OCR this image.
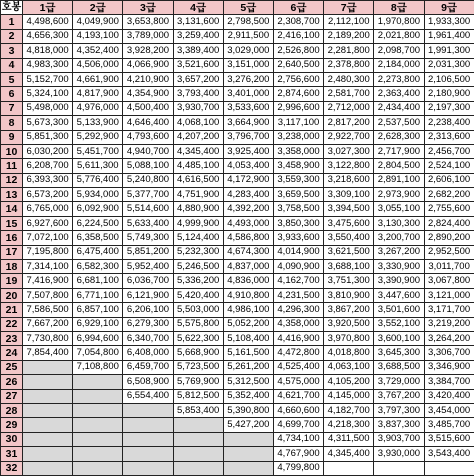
호봉	1급	2급	3급	4급	5급	6급	7급	8급	9급
1	4,498,600	4,049,900	3,653,800	3,131,600	2,798,500	2,308,700	2,112,100	1,970,800	1,933,300
2	4,656,300	4,193,100	3,789,000	3,259,400	2,911,500	2,416,100	2,189,200	2,021,800	1,961,400
3	4,818,000	4,352,400	3,928,200	3,389,400	3,029,000	2,526,800	2,281,800	2,098,700	1,991,300
4	4,983,300	4,506,000	4,066,900	3,521,600	3,151,000	2,640,500	2,378,800	2,184,000	2,031,300
5	5,152,700	4,661,900	4,210,900	3,657,200	3,276,200	2,756,600	2,480,300	2,273,800	2,106,500
6	5,324,100	4,817,900	4,354,900	3,793,400	3,401,000	2,874,600	2,581,700	2,363,400	2,180,900
7	5,498,000	4,976,000	4,500,400	3,930,700	3,533,600	2,996,600	2,712,000	2,434,400	2,197,300
8	5,673,300	5,133,900	4,646,400	4,068,100	3,664,900	3,117,100	2,817,200	2,537,500	2,238,400
9	5,851,300	5,292,900	4,793,600	4,207,200	3,796,700	3,238,000	2,922,700	2,628,300	2,313,600
10	6,030,200	5,451,700	4,940,700	4,345,400	3,925,400	3,358,000	3,027,300	2,717,900	2,456,700
11	6,208,700	5,611,300	5,088,100	4,485,100	4,053,400	3,458,900	3,122,800	2,804,500	2,524,100
12	6,393,300	5,776,400	5,240,800	4,616,500	4,172,900	3,559,300	3,218,600	2,891,100	2,606,100
13	6,573,200	5,934,000	5,377,700	4,751,900	4,283,400	3,659,500	3,309,100	2,973,900	2,682,200
14	6,765,000	6,092,900	5,514,600	4,880,900	4,392,200	3,758,500	3,394,500	3,055,100	2,755,600
15	6,927,600	6,224,500	5,633,400	4,999,900	4,493,000	3,850,300	3,475,600	3,130,300	2,824,400
16	7,072,100	6,358,500	5,749,300	5,124,400	4,586,800	3,933,600	3,550,400	3,200,700	2,890,200
17	7,195,800	6,475,400	5,851,200	5,232,300	4,674,300	4,014,900	3,621,500	3,267,200	2,952,500
18	7,314,100	6,582,300	5,952,400	5,246,500	4,837,000	4,090,900	3,688,100	3,330,900	3,011,700
19	7,416,900	6,681,100	6,036,700	5,336,200	4,836,000	4,162,700	3,751,300	3,390,900	3,067,800
20	7,507,800	6,771,100	6,121,900	5,420,400	4,910,800	4,231,500	3,810,900	3,447,600	3,121,000
21	7,586,500	6,857,100	6,206,100	5,503,000	4,986,100	4,296,300	3,867,200	3,501,600	3,171,700
22	7,667,200	6,929,100	6,279,300	5,575,800	5,052,200	4,358,000	3,920,500	3,552,100	3,219,200
23	7,730,800	6,994,600	6,340,700	5,622,300	5,108,400	4,416,900	3,970,800	3,600,100	3,264,200
24	7,854,400	7,054,800	6,408,000	5,668,900	5,161,500	4,472,800	4,018,800	3,645,300	3,306,700
25		7,108,800	6,459,700	5,723,500	5,261,200	4,525,400	4,063,100	3,688,500	3,346,900
26			6,508,900	5,769,900	5,312,500	4,575,000	4,105,200	3,729,000	3,384,700
27			6,554,400	5,812,500	5,352,400	4,621,700	4,145,000	3,767,200	3,420,400
28				5,853,400	5,390,800	4,660,600	4,182,700	3,797,300	3,454,000
29					5,427,200	4,699,700	4,218,300	3,837,300	3,485,700
30						4,734,100	4,311,500	3,903,700	3,515,600
31						4,767,900	4,345,400	3,930,000	3,543,400
32						4,799,800			
